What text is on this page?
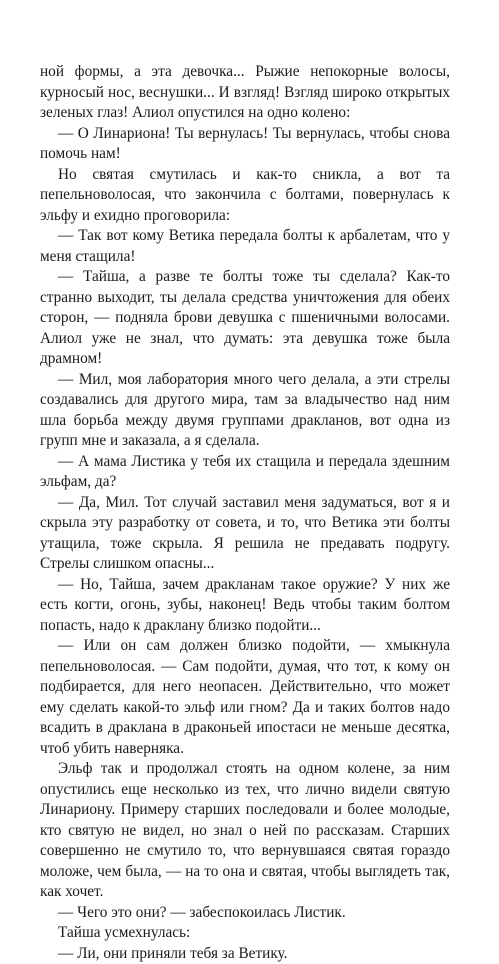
ной формы, а эта девочка... Рыжие непокорные волосы, курносый нос, веснушки... И взгляд! Взгляд широко открытых зеленых глаз! Алиол опустился на одно колено:

— О Линарионa! Ты вернулась! Ты вернулась, чтобы снова помочь нам!

Но святая смутилась и как-то сникла, а вот та пепельноволосая, что закончила с болтами, повернулась к эльфу и ехидно проговорила:

— Так вот кому Ветика передала болты к арбалетам, что у меня стащила!

— Тайша, а разве те болты тоже ты сделала? Как-то странно выходит, ты делала средства уничтожения для обеих сторон, — подняла брови девушка с пшеничными волосами. Алиол уже не знал, что думать: эта девушка тоже была драмном!

— Мил, моя лаборатория много чего делала, а эти стрелы создавались для другого мира, там за владычество над ним шла борьба между двумя группами дракланов, вот одна из групп мне и заказала, а я сделала.

— А мама Листика у тебя их стащила и передала здешним эльфам, да?

— Да, Мил. Тот случай заставил меня задуматься, вот я и скрыла эту разработку от совета, и то, что Ветика эти болты утащила, тоже скрыла. Я решила не предавать подругу. Стрелы слишком опасны...

— Но, Тайша, зачем дракланам такое оружие? У них же есть когти, огонь, зубы, наконец! Ведь чтобы таким болтом попасть, надо к драклану близко подойти...

— Или он сам должен близко подойти, — хмыкнула пепельноволосая. — Сам подойти, думая, что тот, к кому он подбирается, для него неопасен. Действительно, что может ему сделать какой-то эльф или гном? Да и таких болтов надо всадить в драклана в драконьей ипостаси не меньше десятка, чтоб убить наверняка.

Эльф так и продолжал стоять на одном колене, за ним опустились еще несколько из тех, что лично видели святую Линариону. Примеру старших последовали и более молодые, кто святую не видел, но знал о ней по рассказам. Старших совершенно не смутило то, что вернувшаяся святая гораздо моложе, чем была, — на то она и святая, чтобы выглядеть так, как хочет.

— Чего это они? — забеспокоилась Листик.

Тайша усмехнулась:

— Ли, они приняли тебя за Ветику.
